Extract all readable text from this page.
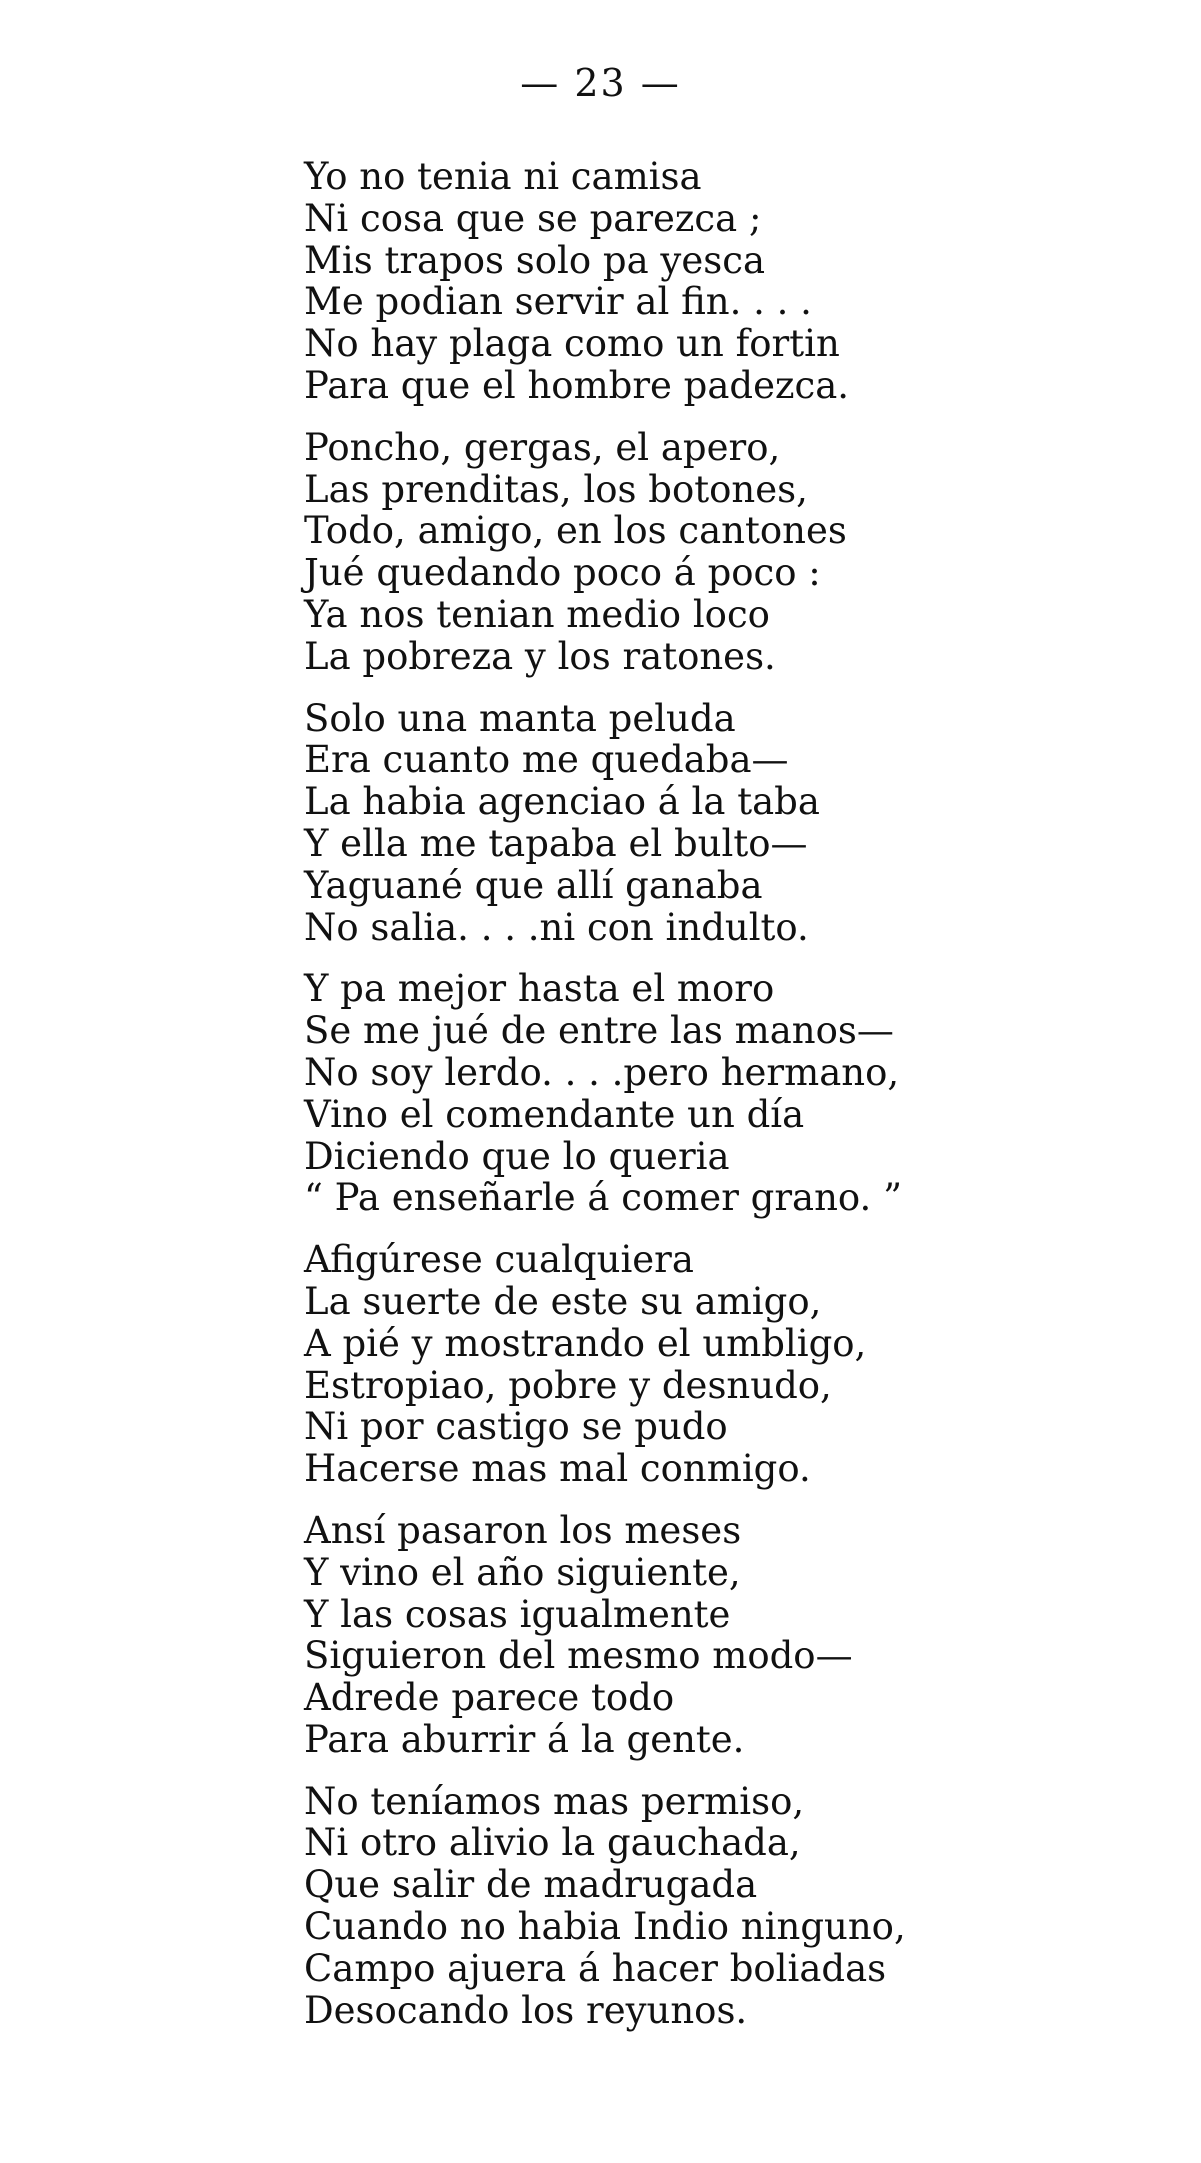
— 23 —
Yo no tenia ni camisa
Ni cosa que se parezca ;
Mis trapos solo pa yesca
Me podian servir al fin. . . .
No hay plaga como un fortin
Para que el hombre padezca.
Poncho, gergas, el apero,
Las prenditas, los botones,
Todo, amigo, en los cantones
Jué quedando poco á poco :
Ya nos tenian medio loco
La pobreza y los ratones.
Solo una manta peluda
Era cuanto me quedaba—
La habia agenciao á la taba
Y ella me tapaba el bulto—
Yaguané que allí ganaba
No salia. . . .ni con indulto.
Y pa mejor hasta el moro
Se me jué de entre las manos—
No soy lerdo. . . .pero hermano,
Vino el comendante un día
Diciendo que lo queria
“ Pa enseñarle á comer grano. ”
Afigúrese cualquiera
La suerte de este su amigo,
A pié y mostrando el umbligo,
Estropiao, pobre y desnudo,
Ni por castigo se pudo
Hacerse mas mal conmigo.
Ansí pasaron los meses
Y vino el año siguiente,
Y las cosas igualmente
Siguieron del mesmo modo—
Adrede parece todo
Para aburrir á la gente.
No teníamos mas permiso,
Ni otro alivio la gauchada,
Que salir de madrugada
Cuando no habia Indio ninguno,
Campo ajuera á hacer boliadas
Desocando los reyunos.
